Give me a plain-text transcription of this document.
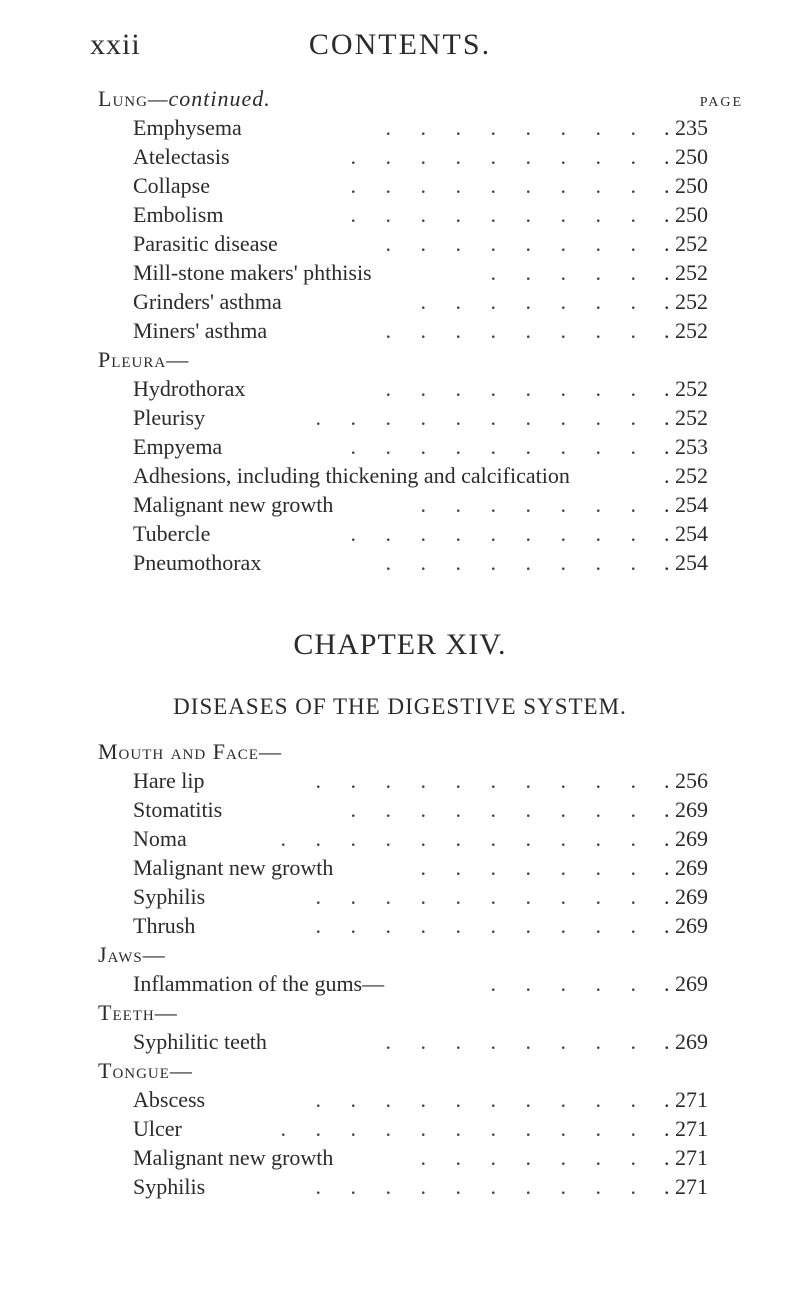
xxii	CONTENTS.
Lung—continued.	PAGE
Emphysema	. . . . . . . .	. 235
Atelectasis	. . . . . . . . .	. 250
Collapse	. . . . . . . . .	. 250
Embolism	. . . . . . . . .	. 250
Parasitic disease	. . . . . . . .	. 252
Mill-stone makers' phthisis	. . . . .	. 252
Grinders' asthma	. . . . . . .	. 252
Miners' asthma	. . . . . . . .	. 252
Pleura—
Hydrothorax	. . . . . . . .	. 252
Pleurisy	. . . . . . . . . .	. 252
Empyema	. . . . . . . . .	. 253
Adhesions, including thickening and calcification	. 252
Malignant new growth	. . . . . . .	. 254
Tubercle	. . . . . . . . .	. 254
Pneumothorax	. . . . . . . .	. 254
CHAPTER XIV.
DISEASES OF THE DIGESTIVE SYSTEM.
Mouth and Face—
Hare lip	. . . . . . . . . .	. 256
Stomatitis	. . . . . . . . .	. 269
Noma	. . . . . . . . . . .	. 269
Malignant new growth	. . . . . . .	. 269
Syphilis	. . . . . . . . . .	. 269
Thrush	. . . . . . . . . .	. 269
Jaws—
Inflammation of the gums—	. . . . .	. 269
Teeth—
Syphilitic teeth	. . . . . . . .	. 269
Tongue—
Abscess	. . . . . . . . . .	. 271
Ulcer	. . . . . . . . . . .	. 271
Malignant new growth	. . . . . . .	. 271
Syphilis	. . . . . . . . . .	. 271
